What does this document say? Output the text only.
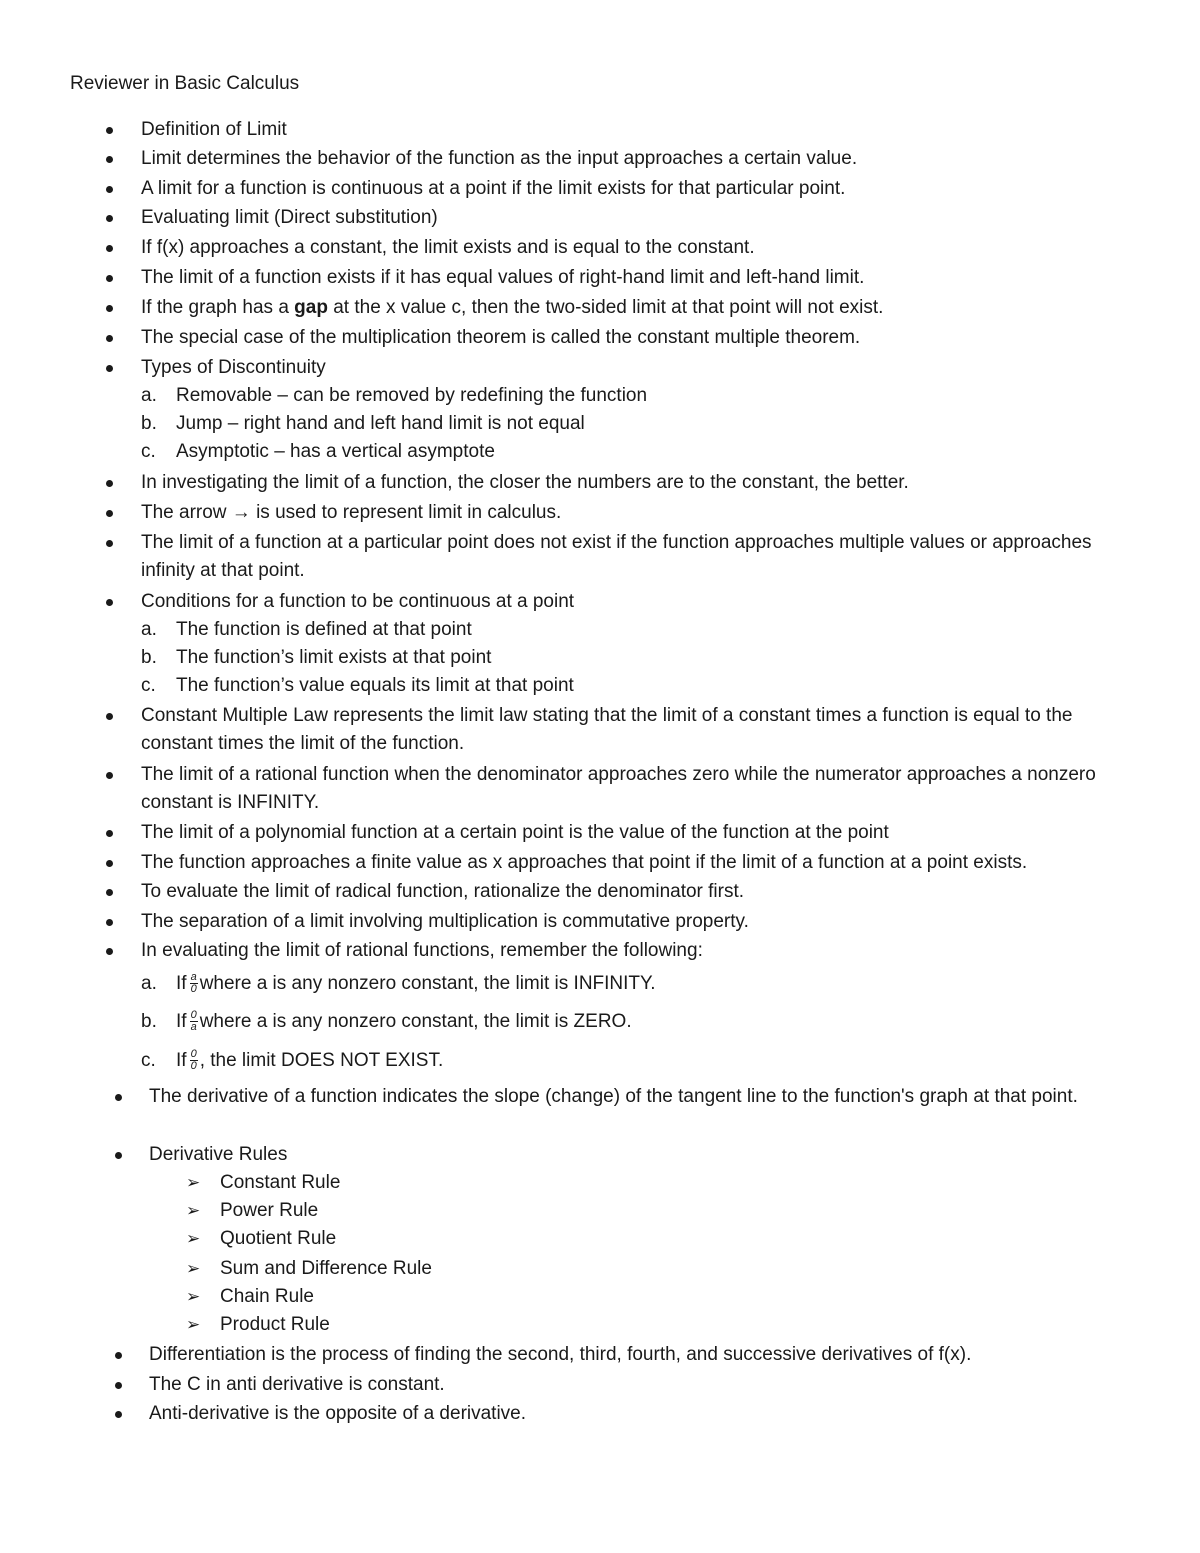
Reviewer in Basic Calculus
Definition of Limit
Limit determines the behavior of the function as the input approaches a certain value.
A limit for a function is continuous at a point if the limit exists for that particular point.
Evaluating limit (Direct substitution)
If f(x) approaches a constant, the limit exists and is equal to the constant.
The limit of a function exists if it has equal values of right-hand limit and left-hand limit.
If the graph has a gap at the x value c, then the two-sided limit at that point will not exist.
The special case of the multiplication theorem is called the constant multiple theorem.
Types of Discontinuity
a. Removable – can be removed by redefining the function
b. Jump – right hand and left hand limit is not equal
c. Asymptotic – has a vertical asymptote
In investigating the limit of a function, the closer the numbers are to the constant, the better.
The arrow → is used to represent limit in calculus.
The limit of a function at a particular point does not exist if the function approaches multiple values or approaches infinity at that point.
Conditions for a function to be continuous at a point
a. The function is defined at that point
b. The function’s limit exists at that point
c. The function’s value equals its limit at that point
Constant Multiple Law represents the limit law stating that the limit of a constant times a function is equal to the constant times the limit of the function.
The limit of a rational function when the denominator approaches zero while the numerator approaches a nonzero constant is INFINITY.
The limit of a polynomial function at a certain point is the value of the function at the point
The function approaches a finite value as x approaches that point if the limit of a function at a point exists.
To evaluate the limit of radical function, rationalize the denominator first.
The separation of a limit involving multiplication is commutative property.
In evaluating the limit of rational functions, remember the following:
a. If $\frac{a}{0}$ where a is any nonzero constant, the limit is INFINITY.
b. If $\frac{0}{a}$ where a is any nonzero constant, the limit is ZERO.
c. If $\frac{0}{0}$ , the limit DOES NOT EXIST.
The derivative of a function indicates the slope (change) of the tangent line to the function's graph at that point.
Derivative Rules
➢ Constant Rule
➢ Power Rule
➢ Quotient Rule
➢ Sum and Difference Rule
➢ Chain Rule
➢ Product Rule
Differentiation is the process of finding the second, third, fourth, and successive derivatives of f(x).
The C in anti derivative is constant.
Anti-derivative is the opposite of a derivative.
